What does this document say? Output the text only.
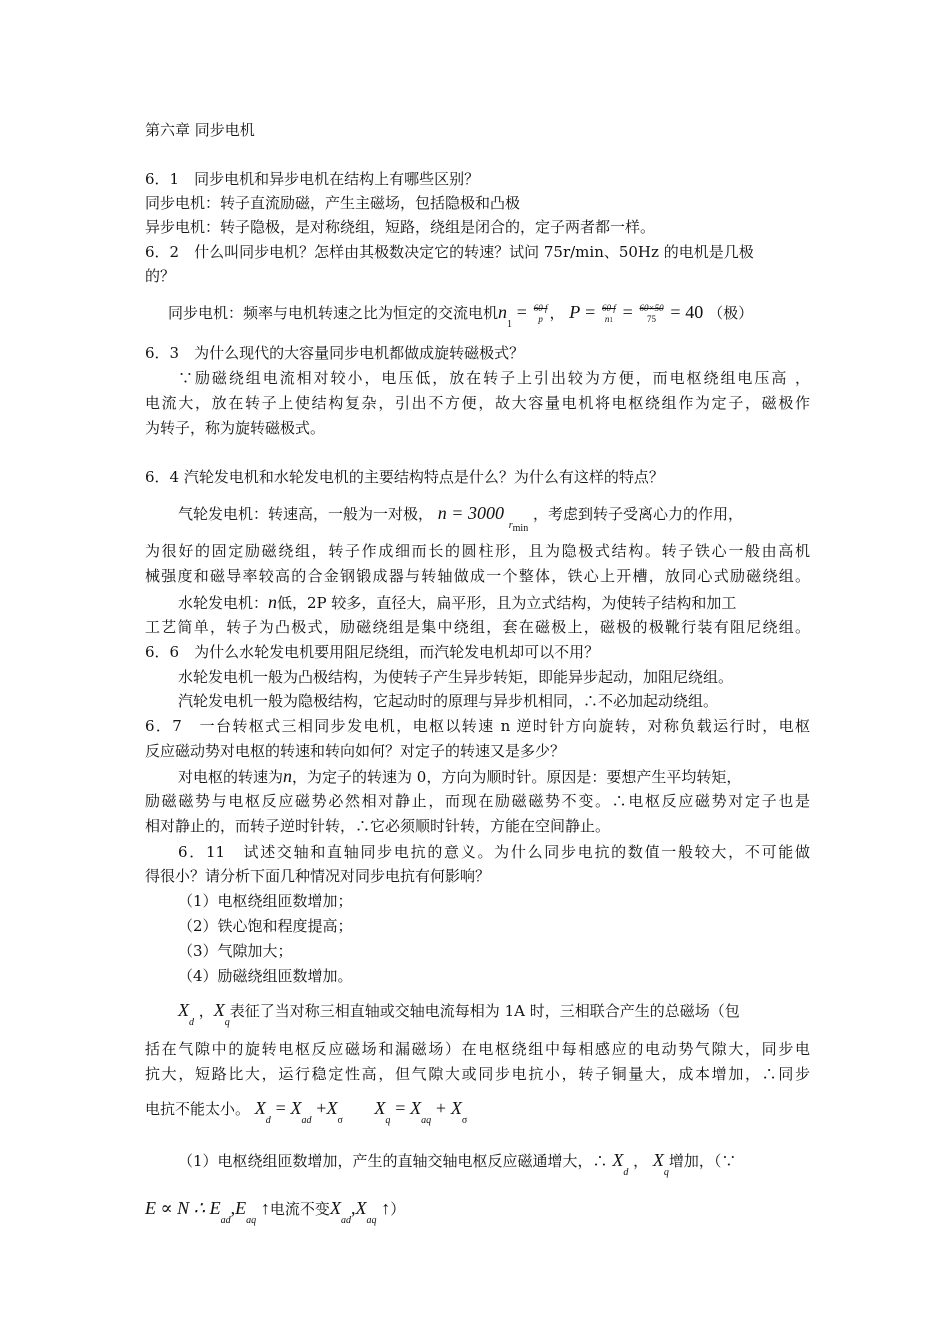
第六章 同步电机
6．1　同步电机和异步电机在结构上有哪些区别？
同步电机：转子直流励磁，产生主磁场，包括隐极和凸极
异步电机：转子隐极，是对称绕组，短路，绕组是闭合的，定子两者都一样。
6．2　什么叫同步电机？怎样由其极数决定它的转速？试问 75r/min、50Hz 的电机是几极
的？
同步电机：频率与电机转速之比为恒定的交流电机$n_1 = 60$ f
p ， P = 60 f
n1 = 60×50
75 = 40 （极）
6．3　为什么现代的大容量同步电机都做成旋转磁极式？
∵励磁绕组电流相对较小，电压低，放在转子上引出较为方便，而电枢绕组电压高 ，
电流大，放在转子上使结构复杂，引出不方便，故大容量电机将电枢绕组作为定子，磁极作
为转子，称为旋转磁极式。
6．4 汽轮发电机和水轮发电机的主要结构特点是什么？为什么有这样的特点？
气轮发电机：转速高，一般为一对极， n = 3000 $_{rmin}$ ，考虑到转子受离心力的作用，
为很好的固定励磁绕组，转子作成细而长的圆柱形，且为隐极式结构。转子铁心一般由高机
械强度和磁导率较高的合金钢锻成器与转轴做成一个整体，铁心上开槽，放同心式励磁绕组。
水轮发电机：n低，2P 较多，直径大，扁平形，且为立式结构，为使转子结构和加工
工艺简单，转子为凸极式，励磁绕组是集中绕组，套在磁极上，磁极的极靴行装有阻尼绕组。
6．6　为什么水轮发电机要用阻尼绕组，而汽轮发电机却可以不用？
水轮发电机一般为凸极结构，为使转子产生异步转矩，即能异步起动，加阻尼绕组。
汽轮发电机一般为隐极结构，它起动时的原理与异步机相同，∴不必加起动绕组。
6．7　一台转枢式三相同步发电机，电枢以转速 n 逆时针方向旋转，对称负载运行时，电枢
反应磁动势对电枢的转速和转向如何？对定子的转速又是多少？
对电枢的转速为n，为定子的转速为 0，方向为顺时针。原因是：要想产生平均转矩，
励磁磁势与电枢反应磁势必然相对静止，而现在励磁磁势不变。∴电枢反应磁势对定子也是
相对静止的，而转子逆时针转，∴它必须顺时针转，方能在空间静止。
6．11　试述交轴和直轴同步电抗的意义。为什么同步电抗的数值一般较大，不可能做
得很小？请分析下面几种情况对同步电抗有何影响？
（1）电枢绕组匝数增加；
（2）铁心饱和程度提高；
（3）气隙加大；
（4）励磁绕组匝数增加。
$X_d$ ，$X_q$表征了当对称三相直轴或交轴电流每相为 1A 时，三相联合产生的总磁场（包
括在气隙中的旋转电枢反应磁场和漏磁场）在电枢绕组中每相感应的电动势气隙大，同步电
抗大，短路比大，运行稳定性高，但气隙大或同步电抗小，转子铜量大，成本增加，∴同步
电抗不能太小。 $X_d = X_{ad} +X_\sigma$  $X_q = X_{aq} + X_\sigma$
（1）电枢绕组匝数增加，产生的直轴交轴电枢反应磁通增大，∴ $X_d$ ， $X_q$增加，（∵
E ∝ N ∴ $E_{ad},E_{aq}$ ↑电流不变$X_{ad},X_{aq}$ ↑）
